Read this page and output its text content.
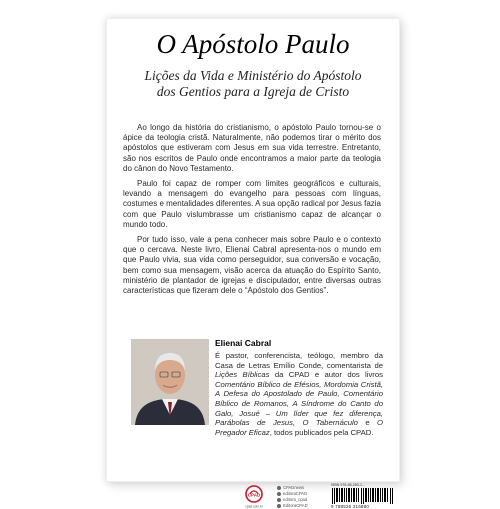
O Apóstolo Paulo
Lições da Vida e Ministério do Apóstolo
dos Gentios para a Igreja de Cristo

Ao longo da história do cristianismo, o apóstolo Paulo tornou-se o ápice da teologia cristã. Naturalmente, não podemos tirar o mérito dos apóstolos que estiveram com Jesus em sua vida terrestre. Entretanto, são nos escritos de Paulo onde encontramos a maior parte da teologia do cânon do Novo Testamento.

Paulo foi capaz de romper com limites geográficos e culturais, levando a mensagem do evangelho para pessoas com línguas, costumes e mentalidades diferentes. A sua opção radical por Jesus fazia com que Paulo vislumbrasse um cristianismo capaz de alcançar o mundo todo.

Por tudo isso, vale a pena conhecer mais sobre Paulo e o contexto que o cercava. Neste livro, Elienai Cabral apresenta-nos o mundo em que Paulo vivia, sua vida como perseguidor, sua conversão e vocação, bem como sua mensagem, visão acerca da atuação do Espírito Santo, ministério de plantador de igrejas e discipulador, entre diversas outras características que fizeram dele o “Apóstolo dos Gentios”.

Elienai Cabral
É pastor, conferencista, teólogo, membro da Casa de Letras Emílio Conde, comentarista de Lições Bíblicas da CPAD e autor dos livros Comentário Bíblico de Efésios, Mordomia Cristã, A Defesa do Apostolado de Paulo, Comentário Bíblico de Romanos, A Síndrome do Canto do Galo, Josué – Um líder que fez diferença, Parábolas de Jesus, O Tabernáculo e O Pregador Eficaz, todos publicados pela CPAD.
CPAD
cpad.com.br
CPADnews
editoraCPAD
editora_cpad
EditoraCPAD
ISBN 978-85-263-1…
9 788526 316880
